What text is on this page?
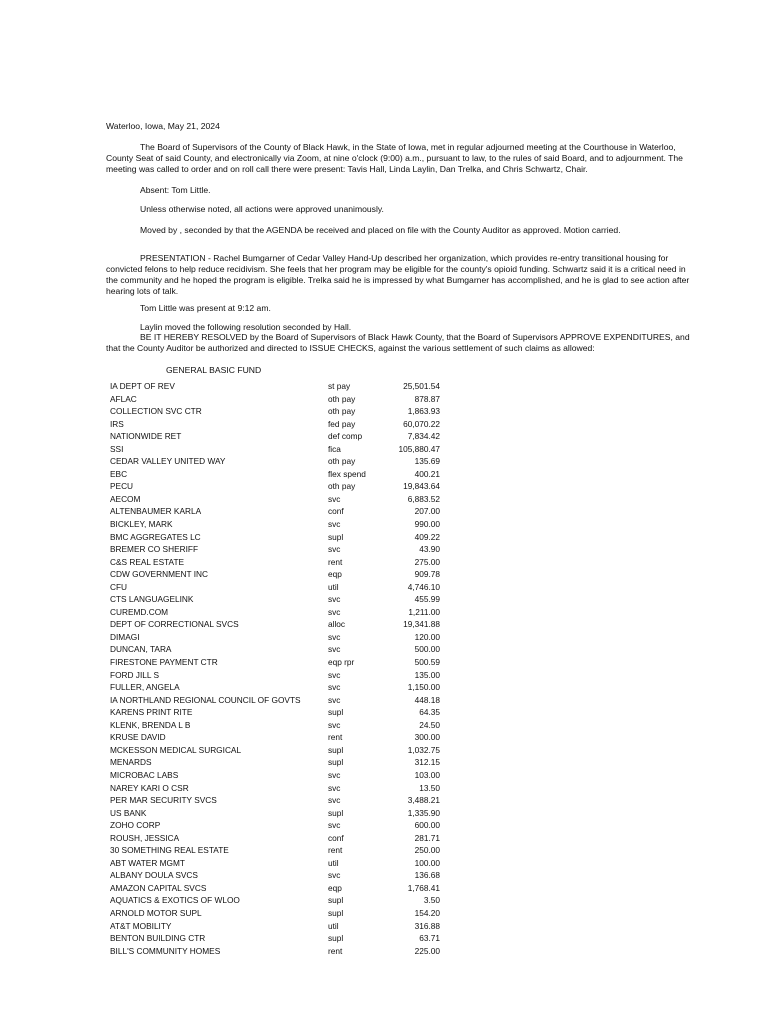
Waterloo, Iowa, May 21, 2024
The Board of Supervisors of the County of Black Hawk, in the State of Iowa, met in regular adjourned meeting at the Courthouse in Waterloo, County Seat of said County, and electronically via Zoom, at nine o'clock (9:00) a.m., pursuant to law, to the rules of said Board, and to adjournment. The meeting was called to order and on roll call there were present: Tavis Hall, Linda Laylin, Dan Trelka, and Chris Schwartz, Chair.
Absent: Tom Little.
Unless otherwise noted, all actions were approved unanimously.
Moved by , seconded by that the AGENDA be received and placed on file with the County Auditor as approved. Motion carried.
PRESENTATION - Rachel Bumgarner of Cedar Valley Hand-Up described her organization, which provides re-entry transitional housing for convicted felons to help reduce recidivism. She feels that her program may be eligible for the county's opioid funding. Schwartz said it is a critical need in the community and he hoped the program is eligible. Trelka said he is impressed by what Bumgarner has accomplished, and he is glad to see action after hearing lots of talk.
Tom Little was present at 9:12 am.
Laylin moved the following resolution seconded by Hall.
BE IT HEREBY RESOLVED by the Board of Supervisors of Black Hawk County, that the Board of Supervisors APPROVE EXPENDITURES, and that the County Auditor be authorized and directed to ISSUE CHECKS, against the various settlement of such claims as allowed:
GENERAL BASIC FUND
IA DEPT OF REV	st pay	25,501.54
AFLAC	oth pay	878.87
COLLECTION SVC CTR	oth pay	1,863.93
IRS	fed pay	60,070.22
NATIONWIDE RET	def comp	7,834.42
SSI	fica	105,880.47
CEDAR VALLEY UNITED WAY	oth pay	135.69
EBC	flex spend	400.21
PECU	oth pay	19,843.64
AECOM	svc	6,883.52
ALTENBAUMER KARLA	conf	207.00
BICKLEY, MARK	svc	990.00
BMC AGGREGATES LC	supl	409.22
BREMER CO SHERIFF	svc	43.90
C&S REAL ESTATE	rent	275.00
CDW GOVERNMENT INC	eqp	909.78
CFU	util	4,746.10
CTS LANGUAGELINK	svc	455.99
CUREMD.COM	svc	1,211.00
DEPT OF CORRECTIONAL SVCS	alloc	19,341.88
DIMAGI	svc	120.00
DUNCAN, TARA	svc	500.00
FIRESTONE PAYMENT CTR	eqp rpr	500.59
FORD JILL S	svc	135.00
FULLER, ANGELA	svc	1,150.00
IA NORTHLAND REGIONAL COUNCIL OF GOVTS	svc	448.18
KARENS PRINT RITE	supl	64.35
KLENK, BRENDA L B	svc	24.50
KRUSE DAVID	rent	300.00
MCKESSON MEDICAL SURGICAL	supl	1,032.75
MENARDS	supl	312.15
MICROBAC LABS	svc	103.00
NAREY KARI O CSR	svc	13.50
PER MAR SECURITY SVCS	svc	3,488.21
US BANK	supl	1,335.90
ZOHO CORP	svc	600.00
ROUSH, JESSICA	conf	281.71
30 SOMETHING REAL ESTATE	rent	250.00
ABT WATER MGMT	util	100.00
ALBANY DOULA SVCS	svc	136.68
AMAZON CAPITAL SVCS	eqp	1,768.41
AQUATICS & EXOTICS OF WLOO	supl	3.50
ARNOLD MOTOR SUPL	supl	154.20
AT&T MOBILITY	util	316.88
BENTON BUILDING CTR	supl	63.71
BILL'S COMMUNITY HOMES	rent	225.00
